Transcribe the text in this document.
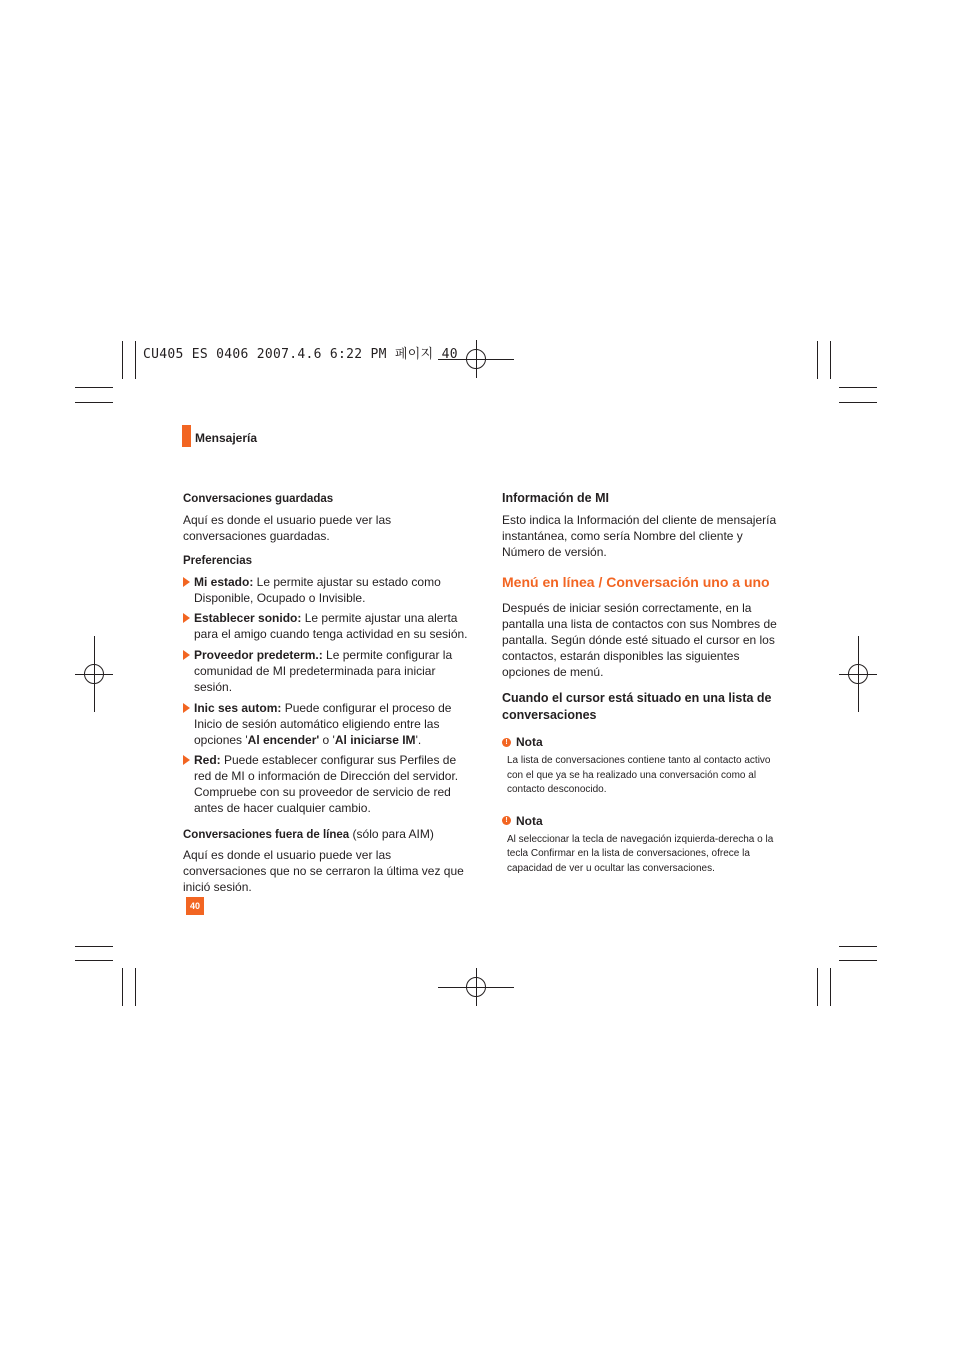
CU405 ES 0406 2007.4.6 6:22 PM 페이지 40
Mensajería

Conversaciones guardadas

Aquí es donde el usuario puede ver las conversaciones guardadas.

Preferencias

Mi estado: Le permite ajustar su estado como Disponible, Ocupado o Invisible.

Establecer sonido: Le permite ajustar una alerta para el amigo cuando tenga actividad en su sesión.

Proveedor predeterm.: Le permite configurar la comunidad de MI predeterminada para iniciar sesión.

Inic ses autom: Puede configurar el proceso de Inicio de sesión automático eligiendo entre las opciones 'Al encender' o 'Al iniciarse IM'.

Red: Puede establecer configurar sus Perfiles de red de MI o información de Dirección del servidor. Compruebe con su proveedor de servicio de red antes de hacer cualquier cambio.

Conversaciones fuera de línea (sólo para AIM)

Aquí es donde el usuario puede ver las conversaciones que no se cerraron la última vez que inició sesión.

Información de MI

Esto indica la Información del cliente de mensajería instantánea, como sería Nombre del cliente y Número de versión.

Menú en línea / Conversación uno a uno

Después de iniciar sesión correctamente, en la pantalla una lista de contactos con sus Nombres de pantalla. Según dónde esté situado el cursor en los contactos, estarán disponibles las siguientes opciones de menú.

Cuando el cursor está situado en una lista de conversaciones

! Nota

La lista de conversaciones contiene tanto al contacto activo con el que ya se ha realizado una conversación como al contacto desconocido.

! Nota

Al seleccionar la tecla de navegación izquierda-derecha o la tecla Confirmar en la lista de conversaciones, ofrece la capacidad de ver u ocultar las conversaciones.

40
